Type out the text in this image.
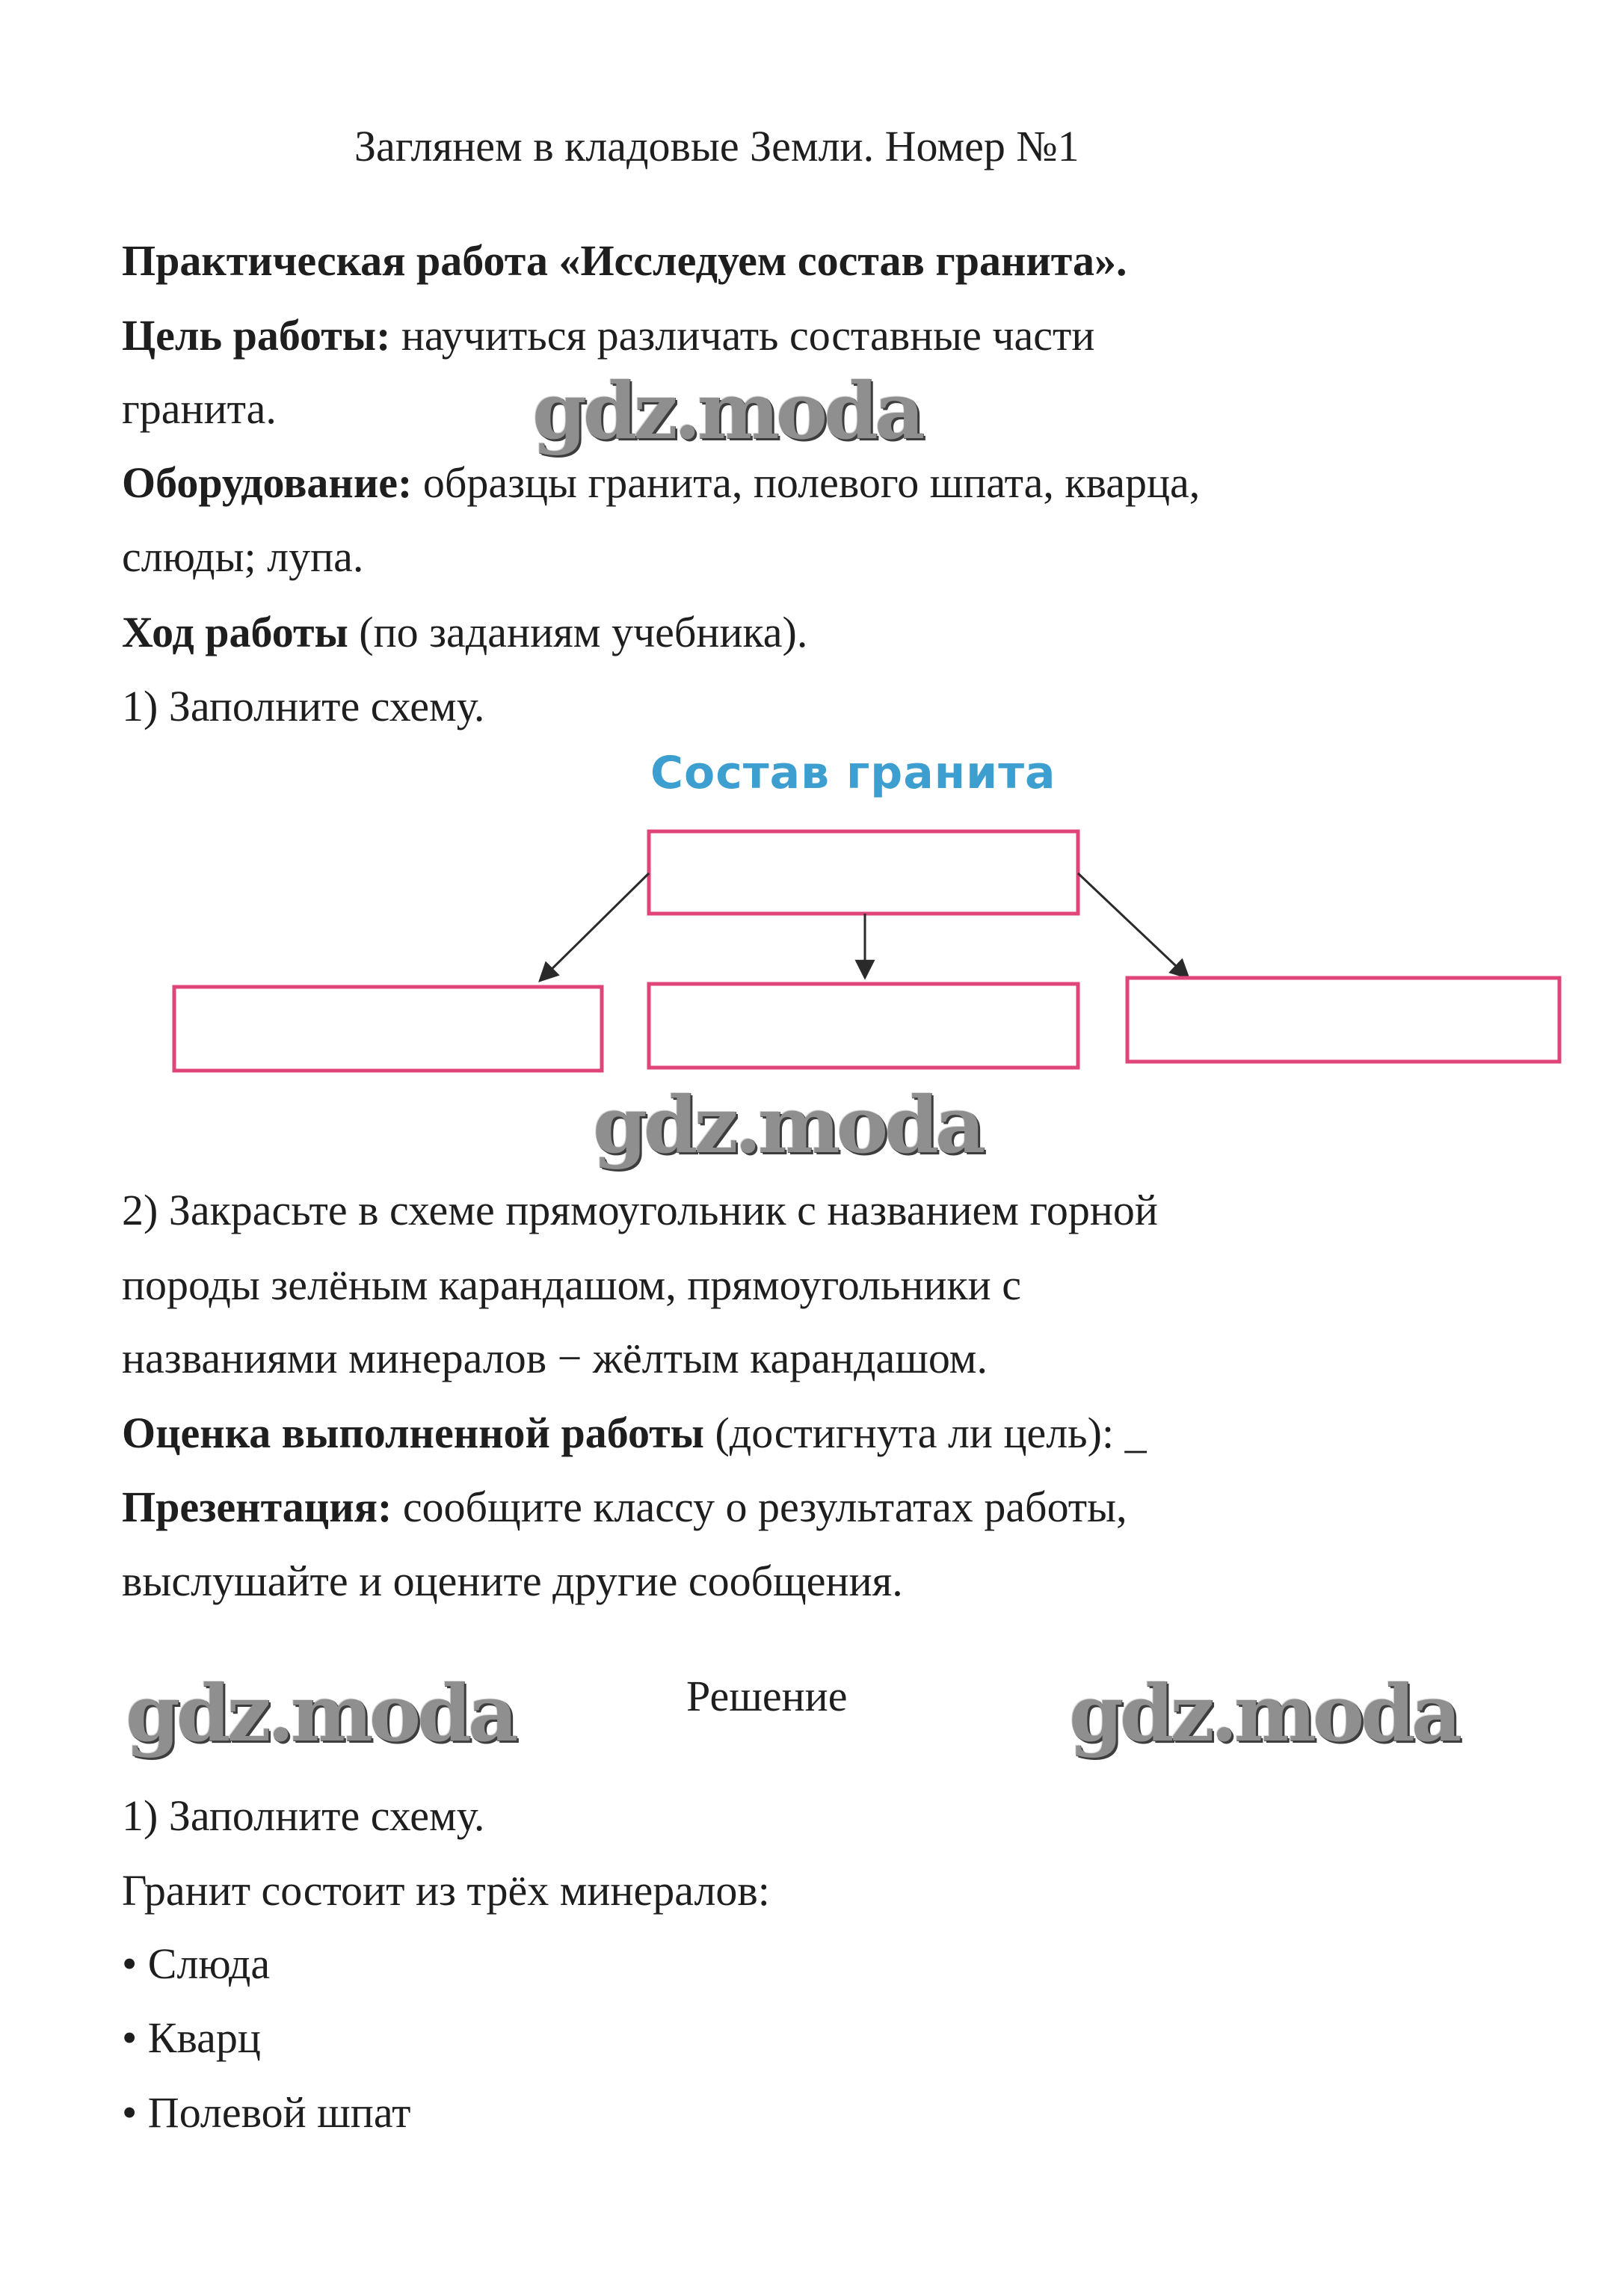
Заглянем в кладовые Земли. Номер №1
Практическая работа «Исследуем состав гранита».
Цель работы: научиться различать составные части
гранита.
Оборудование: образцы гранита, полевого шпата, кварца,
слюды; лупа.
Ход работы (по заданиям учебника).
1) Заполните схему.
Состав гранита
2) Закрасьте в схеме прямоугольник с названием горной
породы зелёным карандашом, прямоугольники с
названиями минералов − жёлтым карандашом.
Оценка выполненной работы (достигнута ли цель): _
Презентация: сообщите классу о результатах работы,
выслушайте и оцените другие сообщения.
Решение
1) Заполните схему.
Гранит состоит из трёх минералов:
• Слюда
• Кварц
• Полевой шпат
gdz.moda
gdz.moda
gdz.moda	gdz.moda
